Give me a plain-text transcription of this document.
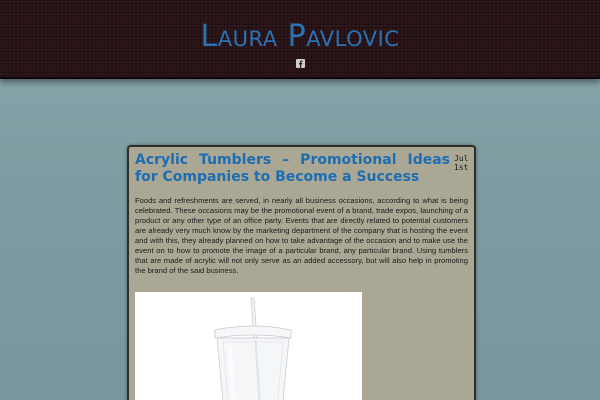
Laura Pavlovic
Acrylic Tumblers – Promotional Ideas for Companies to Become a Success
Jul
1st

Foods and refreshments are served, in nearly all business occasions, according to what is being celebrated. These occasions may be the promotional event of a brand, trade expos, launching of a product or any other type of an office party. Events that are directly related to potential customers are already very much know by the marketing department of the company that is hosting the event and with this, they already planned on how to take advantage of the occasion and to make use the event on to how to promote the image of a particular brand, any particular brand. Using tumblers that are made of acrylic will not only serve as an added accessory, but will also help in promoting the brand of the said business.
